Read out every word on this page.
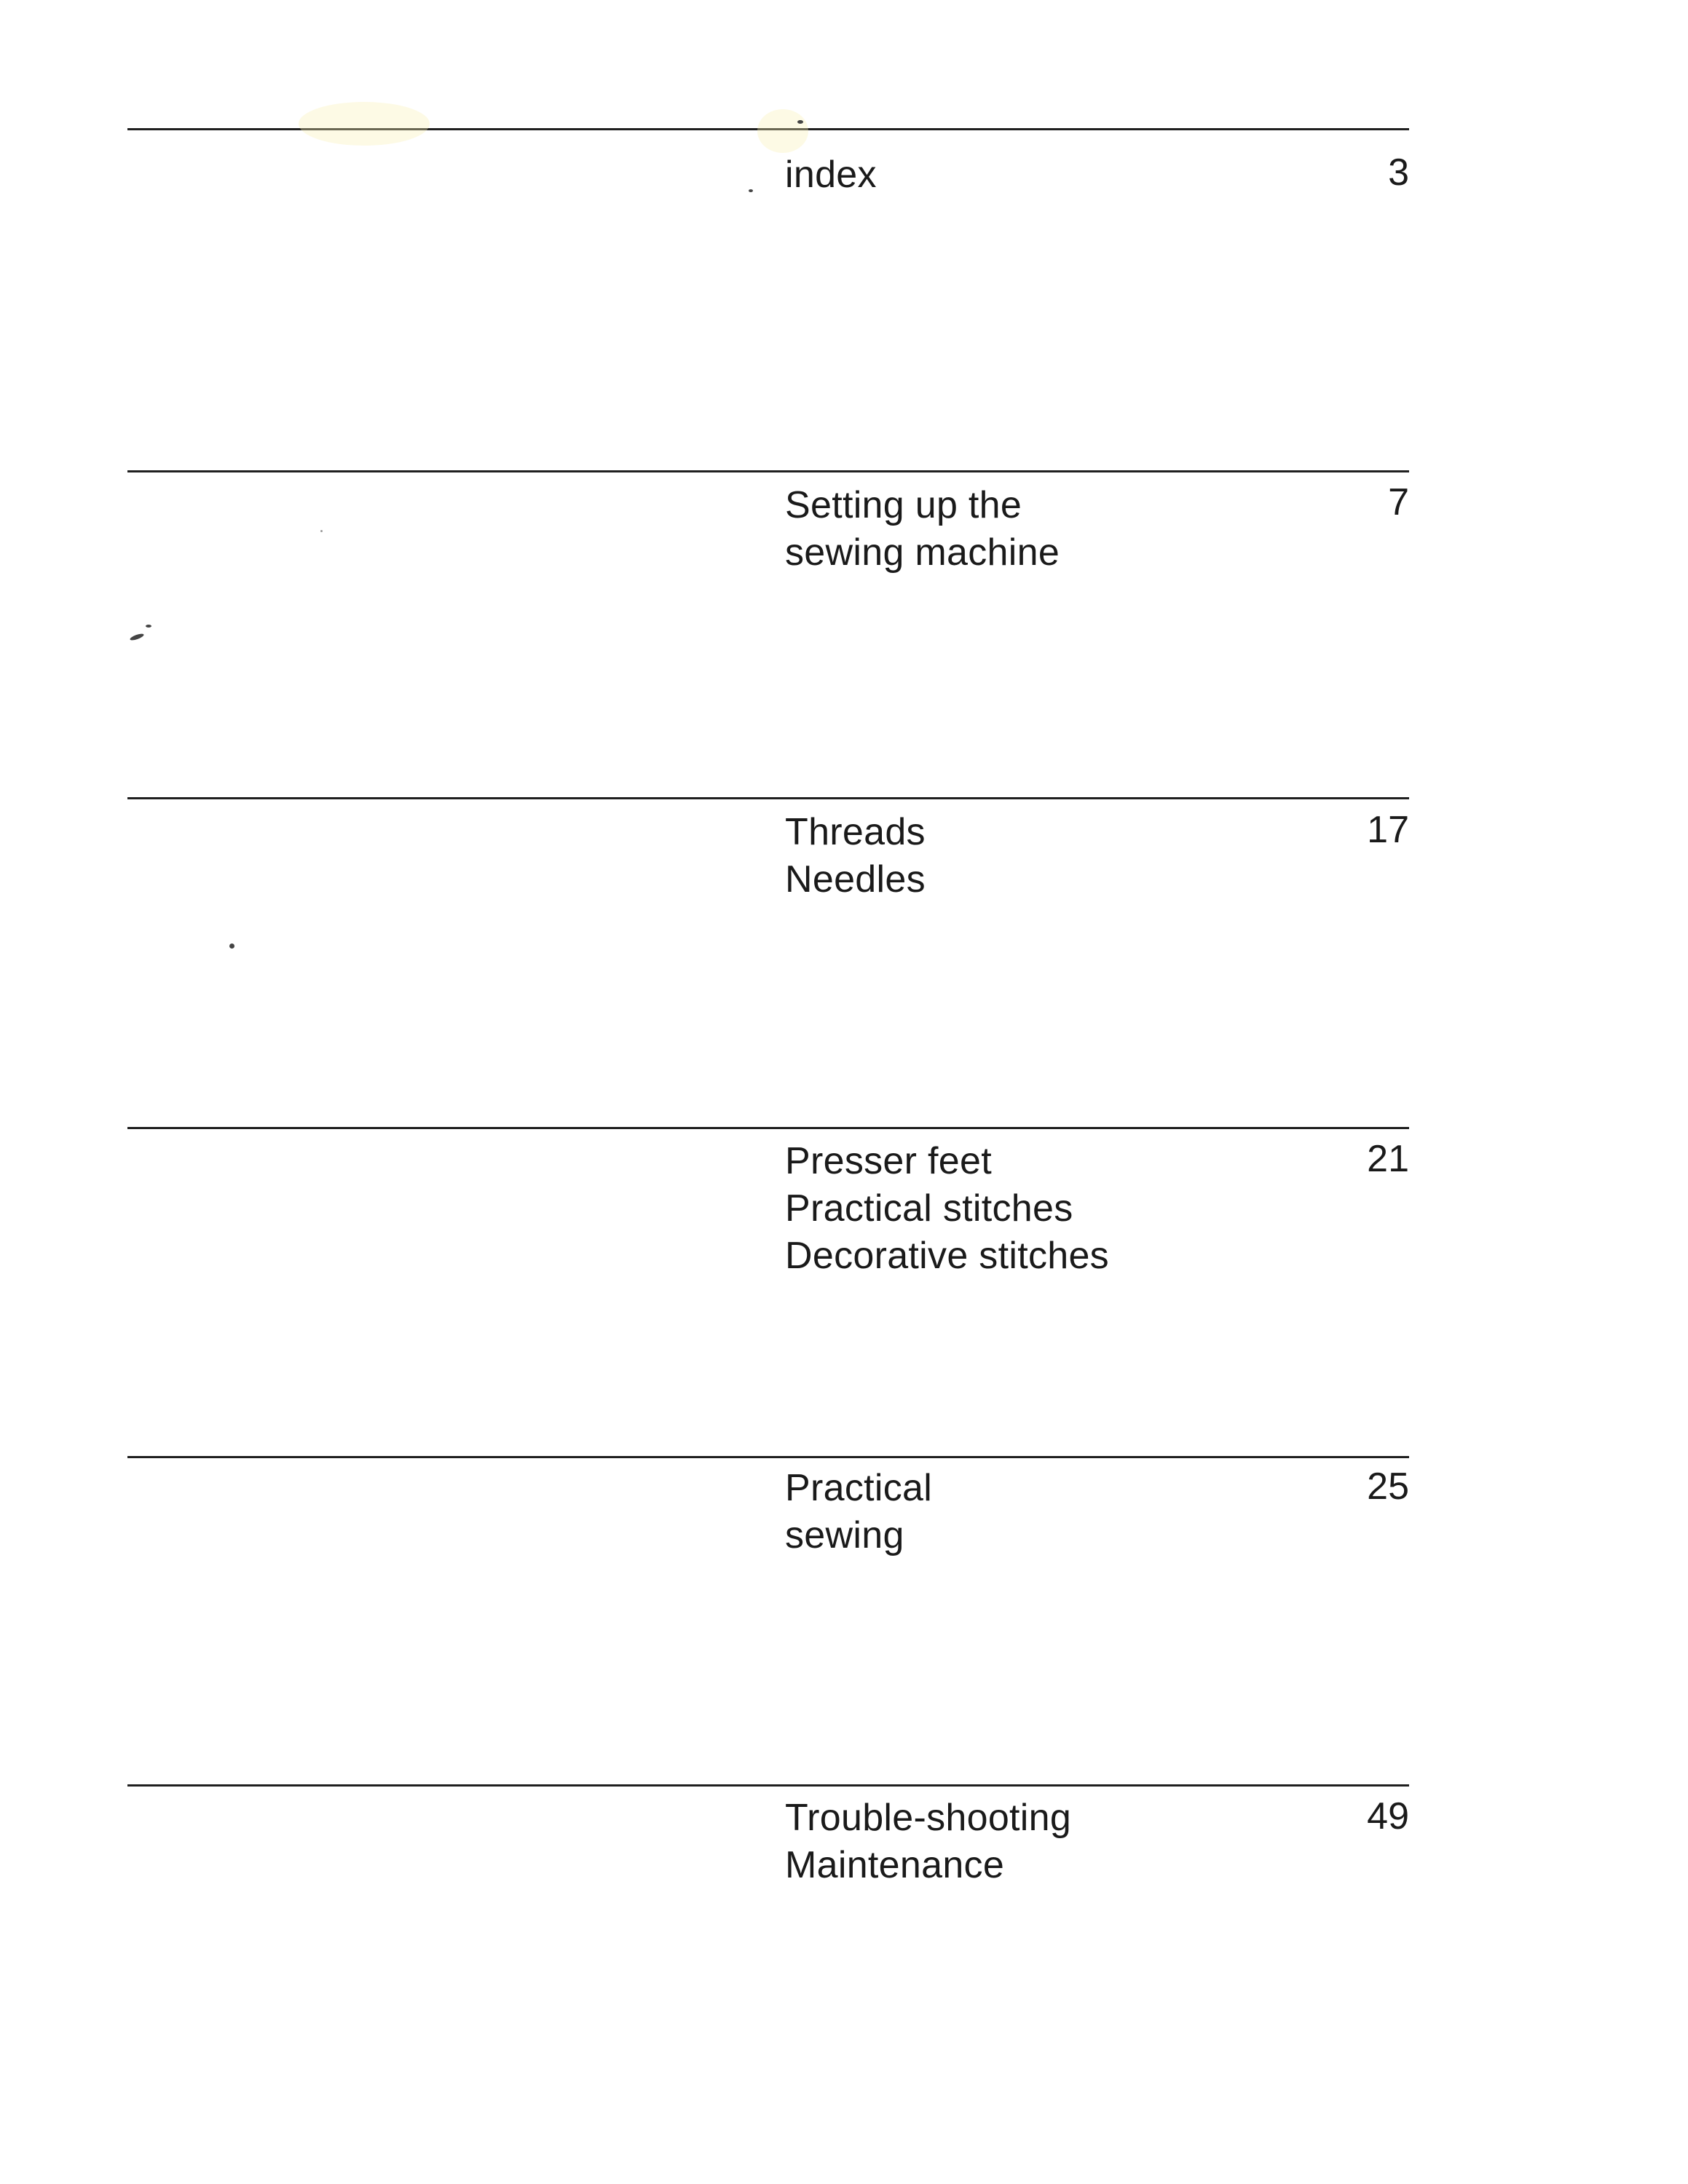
index	3
Setting up the
sewing machine
7
Threads
Needles
17
Presser feet
Practical stitches
Decorative stitches
21
Practical
sewing
25
Trouble-shooting
Maintenance
49
